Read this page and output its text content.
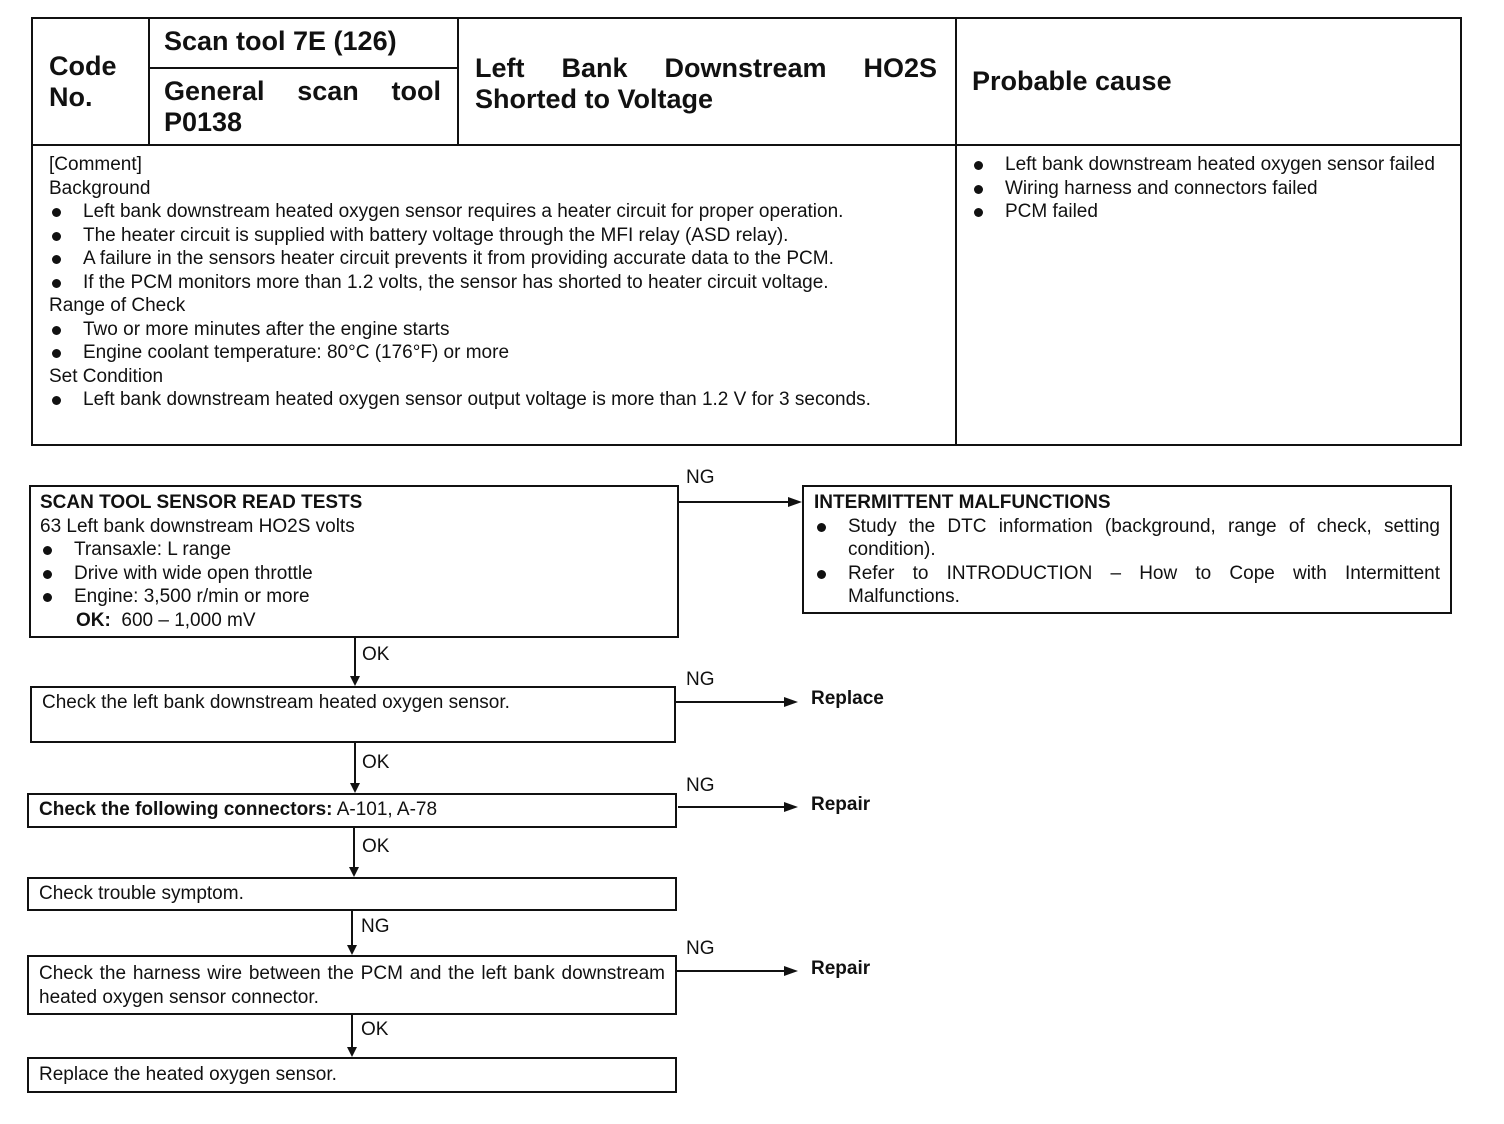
Code No.
Scan tool 7E (126)
General scan tool P0138
Left Bank Downstream HO2S Shorted to Voltage
Probable cause
[Comment]
Background
Left bank downstream heated oxygen sensor requires a heater circuit for proper operation.
The heater circuit is supplied with battery voltage through the MFI relay (ASD relay).
A failure in the sensors heater circuit prevents it from providing accurate data to the PCM.
If the PCM monitors more than 1.2 volts, the sensor has shorted to heater circuit voltage.
Range of Check
Two or more minutes after the engine starts
Engine coolant temperature: 80°C (176°F) or more
Set Condition
Left bank downstream heated oxygen sensor output voltage is more than 1.2 V for 3 seconds.
Left bank downstream heated oxygen sensor failed
Wiring harness and connectors failed
PCM failed
SCAN TOOL SENSOR READ TESTS
63 Left bank downstream HO2S volts
Transaxle: L range
Drive with wide open throttle
Engine: 3,500 r/min or more
OK: 600 – 1,000 mV
INTERMITTENT MALFUNCTIONS
Study the DTC information (background, range of check, setting condition).
Refer to INTRODUCTION – How to Cope with Intermittent Malfunctions.
Check the left bank downstream heated oxygen sensor.
Check the following connectors: A-101, A-78
Check trouble symptom.
Check the harness wire between the PCM and the left bank downstream heated oxygen sensor connector.
Replace the heated oxygen sensor.
NG
OK
NG
OK
NG
OK
NG
NG
OK
Replace
Repair
Repair
